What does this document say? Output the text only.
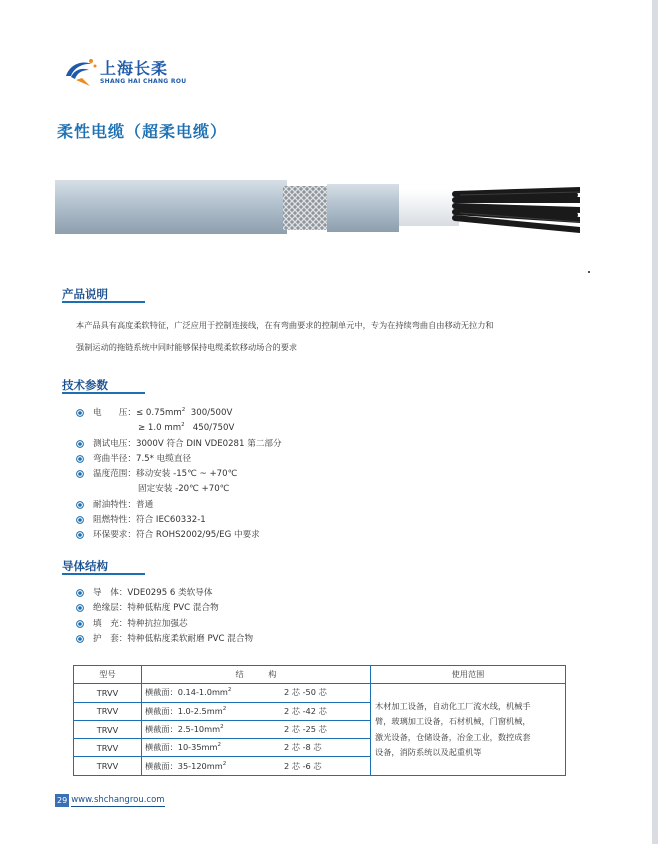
上海长柔
SHANG HAI CHANG ROU
柔性电缆（超柔电缆）
产品说明
本产品具有高度柔软特征，广泛应用于控制连接线，在有弯曲要求的控制单元中，专为在持续弯曲自由移动无拉力和
强制运动的拖链系统中同时能够保持电缆柔软移动场合的要求
技术参数
电　　压：≤ $0.75mm^2$  300/500V
≥ 1.0 $mm^2$   450/750V
测试电压：3000V 符合 DIN VDE0281 第二部分
弯曲半径：7.5* 电缆直径
温度范围：移动安装 -15℃ ~ +70℃
固定安装 -20℃ +70℃
耐油特性：普通
阻燃特性：符合 IEC60332-1
环保要求：符合 ROHS2002/95/EG 中要求
导体结构
导　体：VDE0295 6 类软导体
绝缘层：特种低粘度 PVC 混合物
填　充：特种抗拉加强芯
护　套：特种低粘度柔软耐磨 PVC 混合物
型号	结　　　构	使用范围
TRVV	横截面：$0.14-1.0mm^2$ 2 芯 -50 芯	木材加工设备，自动化工厂流水线，机械手
臂，玻璃加工设备，石材机械，门窗机械，
激光设备，仓储设备，冶金工业，数控成套
设备，消防系统以及起重机等

TRVV	横截面：$1.0-2.5mm^2$ 2 芯 -42 芯	

TRVV	横截面：$2.5-10mm^2$ 2 芯 -25 芯	

TRVV	横截面：$10-35mm^2$ 2 芯 -8 芯	

TRVV	横截面：$35-120mm^2$ 2 芯 -6 芯	
29 www.shchangrou.com
